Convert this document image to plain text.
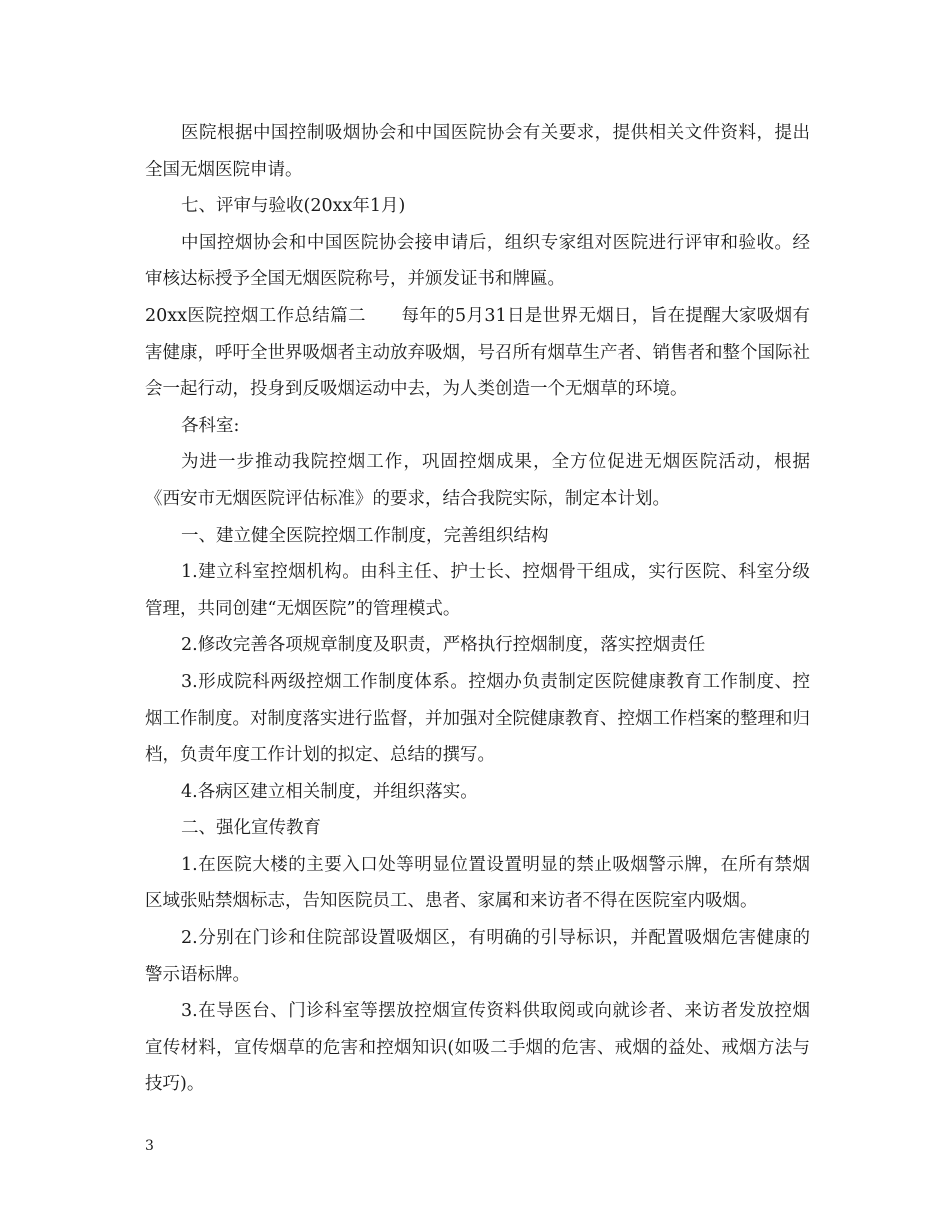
医院根据中国控制吸烟协会和中国医院协会有关要求，提供相关文件资料，提出全国无烟医院申请。

七、评审与验收(20xx年1月)

中国控烟协会和中国医院协会接申请后，组织专家组对医院进行评审和验收。经审核达标授予全国无烟医院称号，并颁发证书和牌匾。

20xx医院控烟工作总结篇二　　每年的5月31日是世界无烟日，旨在提醒大家吸烟有害健康，呼吁全世界吸烟者主动放弃吸烟，号召所有烟草生产者、销售者和整个国际社会一起行动，投身到反吸烟运动中去，为人类创造一个无烟草的环境。

各科室:

为进一步推动我院控烟工作，巩固控烟成果，全方位促进无烟医院活动，根据《西安市无烟医院评估标准》的要求，结合我院实际，制定本计划。

一、建立健全医院控烟工作制度，完善组织结构

1.建立科室控烟机构。由科主任、护士长、控烟骨干组成，实行医院、科室分级管理，共同创建“无烟医院”的管理模式。

2.修改完善各项规章制度及职责，严格执行控烟制度，落实控烟责任

3.形成院科两级控烟工作制度体系。控烟办负责制定医院健康教育工作制度、控烟工作制度。对制度落实进行监督，并加强对全院健康教育、控烟工作档案的整理和归档，负责年度工作计划的拟定、总结的撰写。

4.各病区建立相关制度，并组织落实。

二、强化宣传教育

1.在医院大楼的主要入口处等明显位置设置明显的禁止吸烟警示牌，在所有禁烟区域张贴禁烟标志，告知医院员工、患者、家属和来访者不得在医院室内吸烟。

2.分别在门诊和住院部设置吸烟区，有明确的引导标识，并配置吸烟危害健康的警示语标牌。

3.在导医台、门诊科室等摆放控烟宣传资料供取阅或向就诊者、来访者发放控烟宣传材料，宣传烟草的危害和控烟知识(如吸二手烟的危害、戒烟的益处、戒烟方法与技巧)。

3
